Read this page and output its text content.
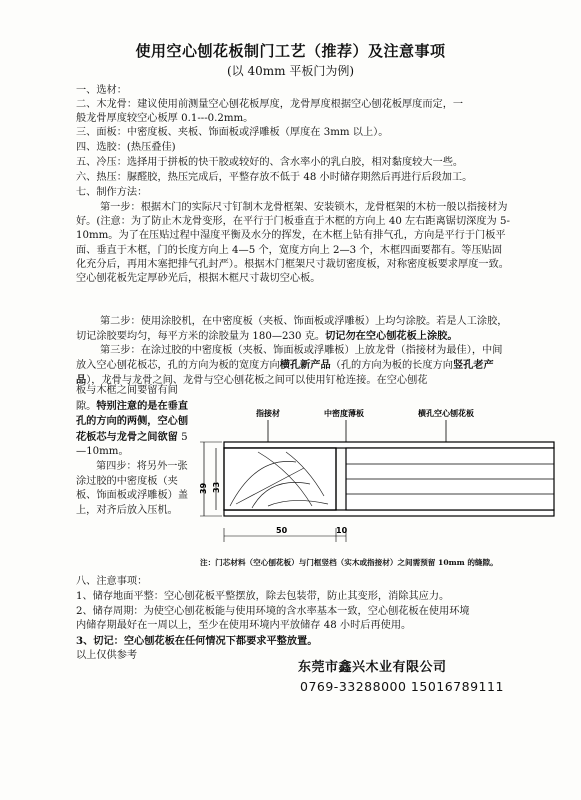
使用空心刨花板制门工艺（推荐）及注意事项
(以 40mm 平板门为例)
一、选材：
二、木龙骨：建议使用前测量空心刨花板厚度，龙骨厚度根据空心刨花板厚度而定，一
般龙骨厚度较空心板厚 0.1---0.2mm。
三、面板：中密度板、夹板、饰面板或浮雕板（厚度在 3mm 以上）。
四、选胶：(热压叠佳)
五、冷压：选择用于拼板的快干胶或较好的、含水率小的乳白胶，相对黏度较大一些。
六、热压：脲醛胶，热压完成后，平整存放不低于 48 小时储存期然后再进行后段加工。
七、制作方法：
第一步：根据木门的实际尺寸钉制木龙骨框架、安装锁木，龙骨框架的木枋一般以指接材为好。(注意：为了防止木龙骨变形，在平行于门板垂直于木框的方向上 40 左右距离锯切深度为 5-10mm。为了在压贴过程中湿度平衡及水分的挥发，在木框上钻有排气孔，方向是平行于门板平面、垂直于木框，门的长度方向上 4—5 个，宽度方向上 2—3 个，木框四面要都有。等压贴固化充分后，再用木塞把排气孔封严）。根据木门框架尺寸裁切密度板，对称密度板要求厚度一致。空心刨花板先定厚砂光后，根据木框尺寸裁切空心板。
第二步：使用涂胶机，在中密度板（夹板、饰面板或浮雕板）上均匀涂胶。若是人工涂胶，切记涂胶要均匀，每平方米的涂胶量为 180—230 克。切记勿在空心刨花板上涂胶。
第三步：在涂过胶的中密度板（夹板、饰面板或浮雕板）上放龙骨（指接材为最佳），中间放入空心刨花板芯，孔的方向为板的宽度方向横孔新产品（孔的方向为板的长度方向竖孔老产品），龙骨与龙骨之间、龙骨与空心刨花板之间可以使用钉枪连接。在空心刨花
板与木框之间要留有间隙。特别注意的是在垂直孔的方向的两侧，空心刨花板芯与龙骨之间欲留 5—10mm。
第四步：将另外一张涂过胶的中密度板（夹板、饰面板或浮雕板）盖上，对齐后放入压机。
指接材	中密度薄板	横孔空心刨花板
39 33
50	10
注：门芯材料（空心刨花板）与门框竖档（实木或指接材）之间需预留 10mm 的缝隙。
八、注意事项：
1、储存地面平整：空心刨花板平整摆放，除去包装带，防止其变形，消除其应力。
2、储存周期：为使空心刨花板能与使用环境的含水率基本一致，空心刨花板在使用环境
内储存期最好在一周以上，至少在使用环境内平放储存 48 小时后再使用。
3、切记：空心刨花板在任何情况下都要求平整放置。
以上仅供参考
东莞市鑫兴木业有限公司
0769-33288000 15016789111
